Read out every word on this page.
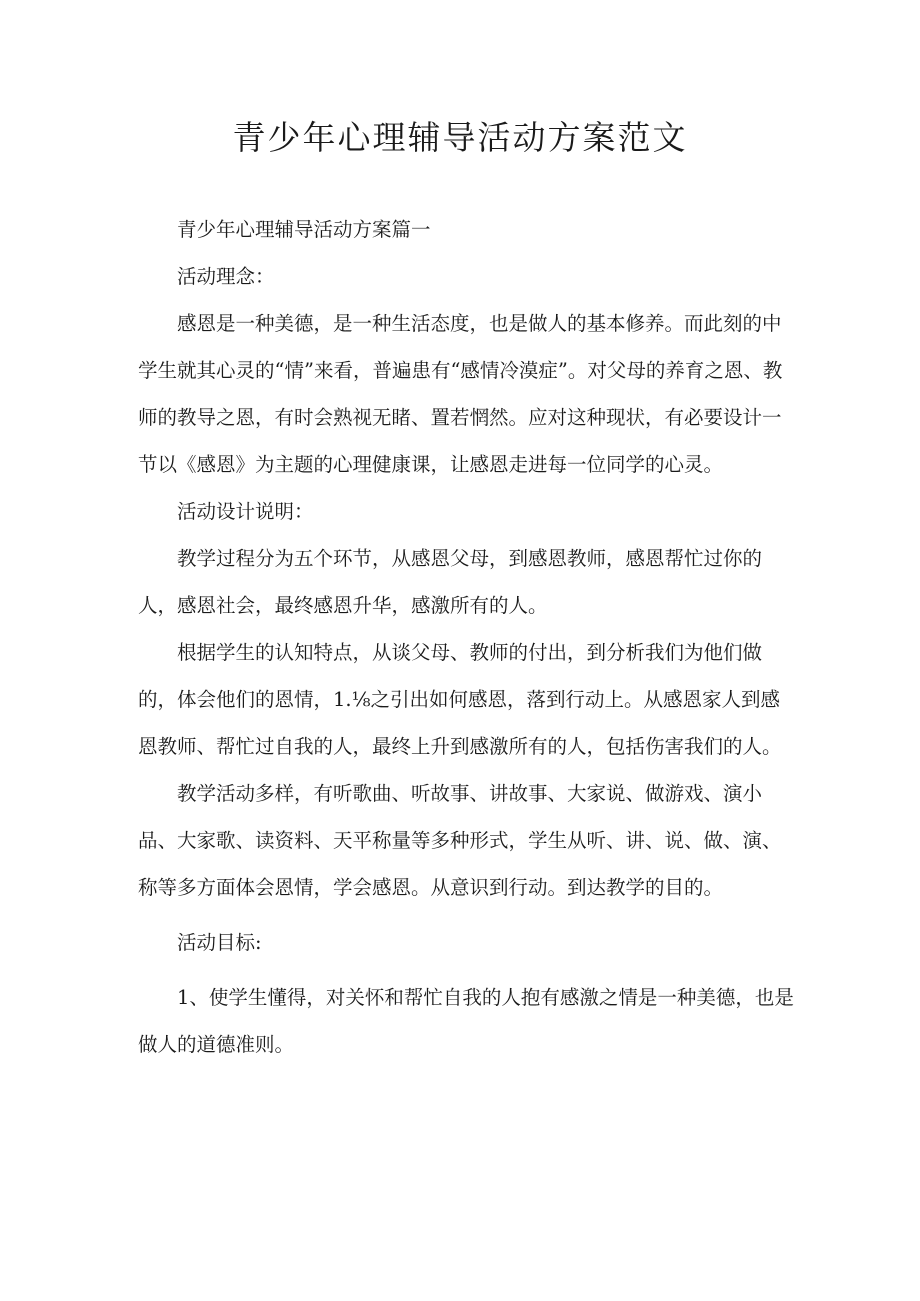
青少年心理辅导活动方案范文

青少年心理辅导活动方案篇一

活动理念：

感恩是一种美德，是一种生活态度，也是做人的基本修养。而此刻的中学生就其心灵的“情”来看，普遍患有“感情冷漠症”。对父母的养育之恩、教师的教导之恩，有时会熟视无睹、置若惘然。应对这种现状，有必要设计一节以《感恩》为主题的心理健康课，让感恩走进每一位同学的心灵。

活动设计说明：

教学过程分为五个环节，从感恩父母，到感恩教师，感恩帮忙过你的人，感恩社会，最终感恩升华，感激所有的人。

根据学生的认知特点，从谈父母、教师的付出，到分析我们为他们做的，体会他们的恩情，1.⅛之引出如何感恩，落到行动上。从感恩家人到感恩教师、帮忙过自我的人，最终上升到感激所有的人，包括伤害我们的人。

教学活动多样，有听歌曲、听故事、讲故事、大家说、做游戏、演小品、大家歌、读资料、天平称量等多种形式，学生从听、讲、说、做、演、称等多方面体会恩情，学会感恩。从意识到行动。到达教学的目的。

活动目标:

1、使学生懂得，对关怀和帮忙自我的人抱有感激之情是一种美德，也是做人的道德准则。
